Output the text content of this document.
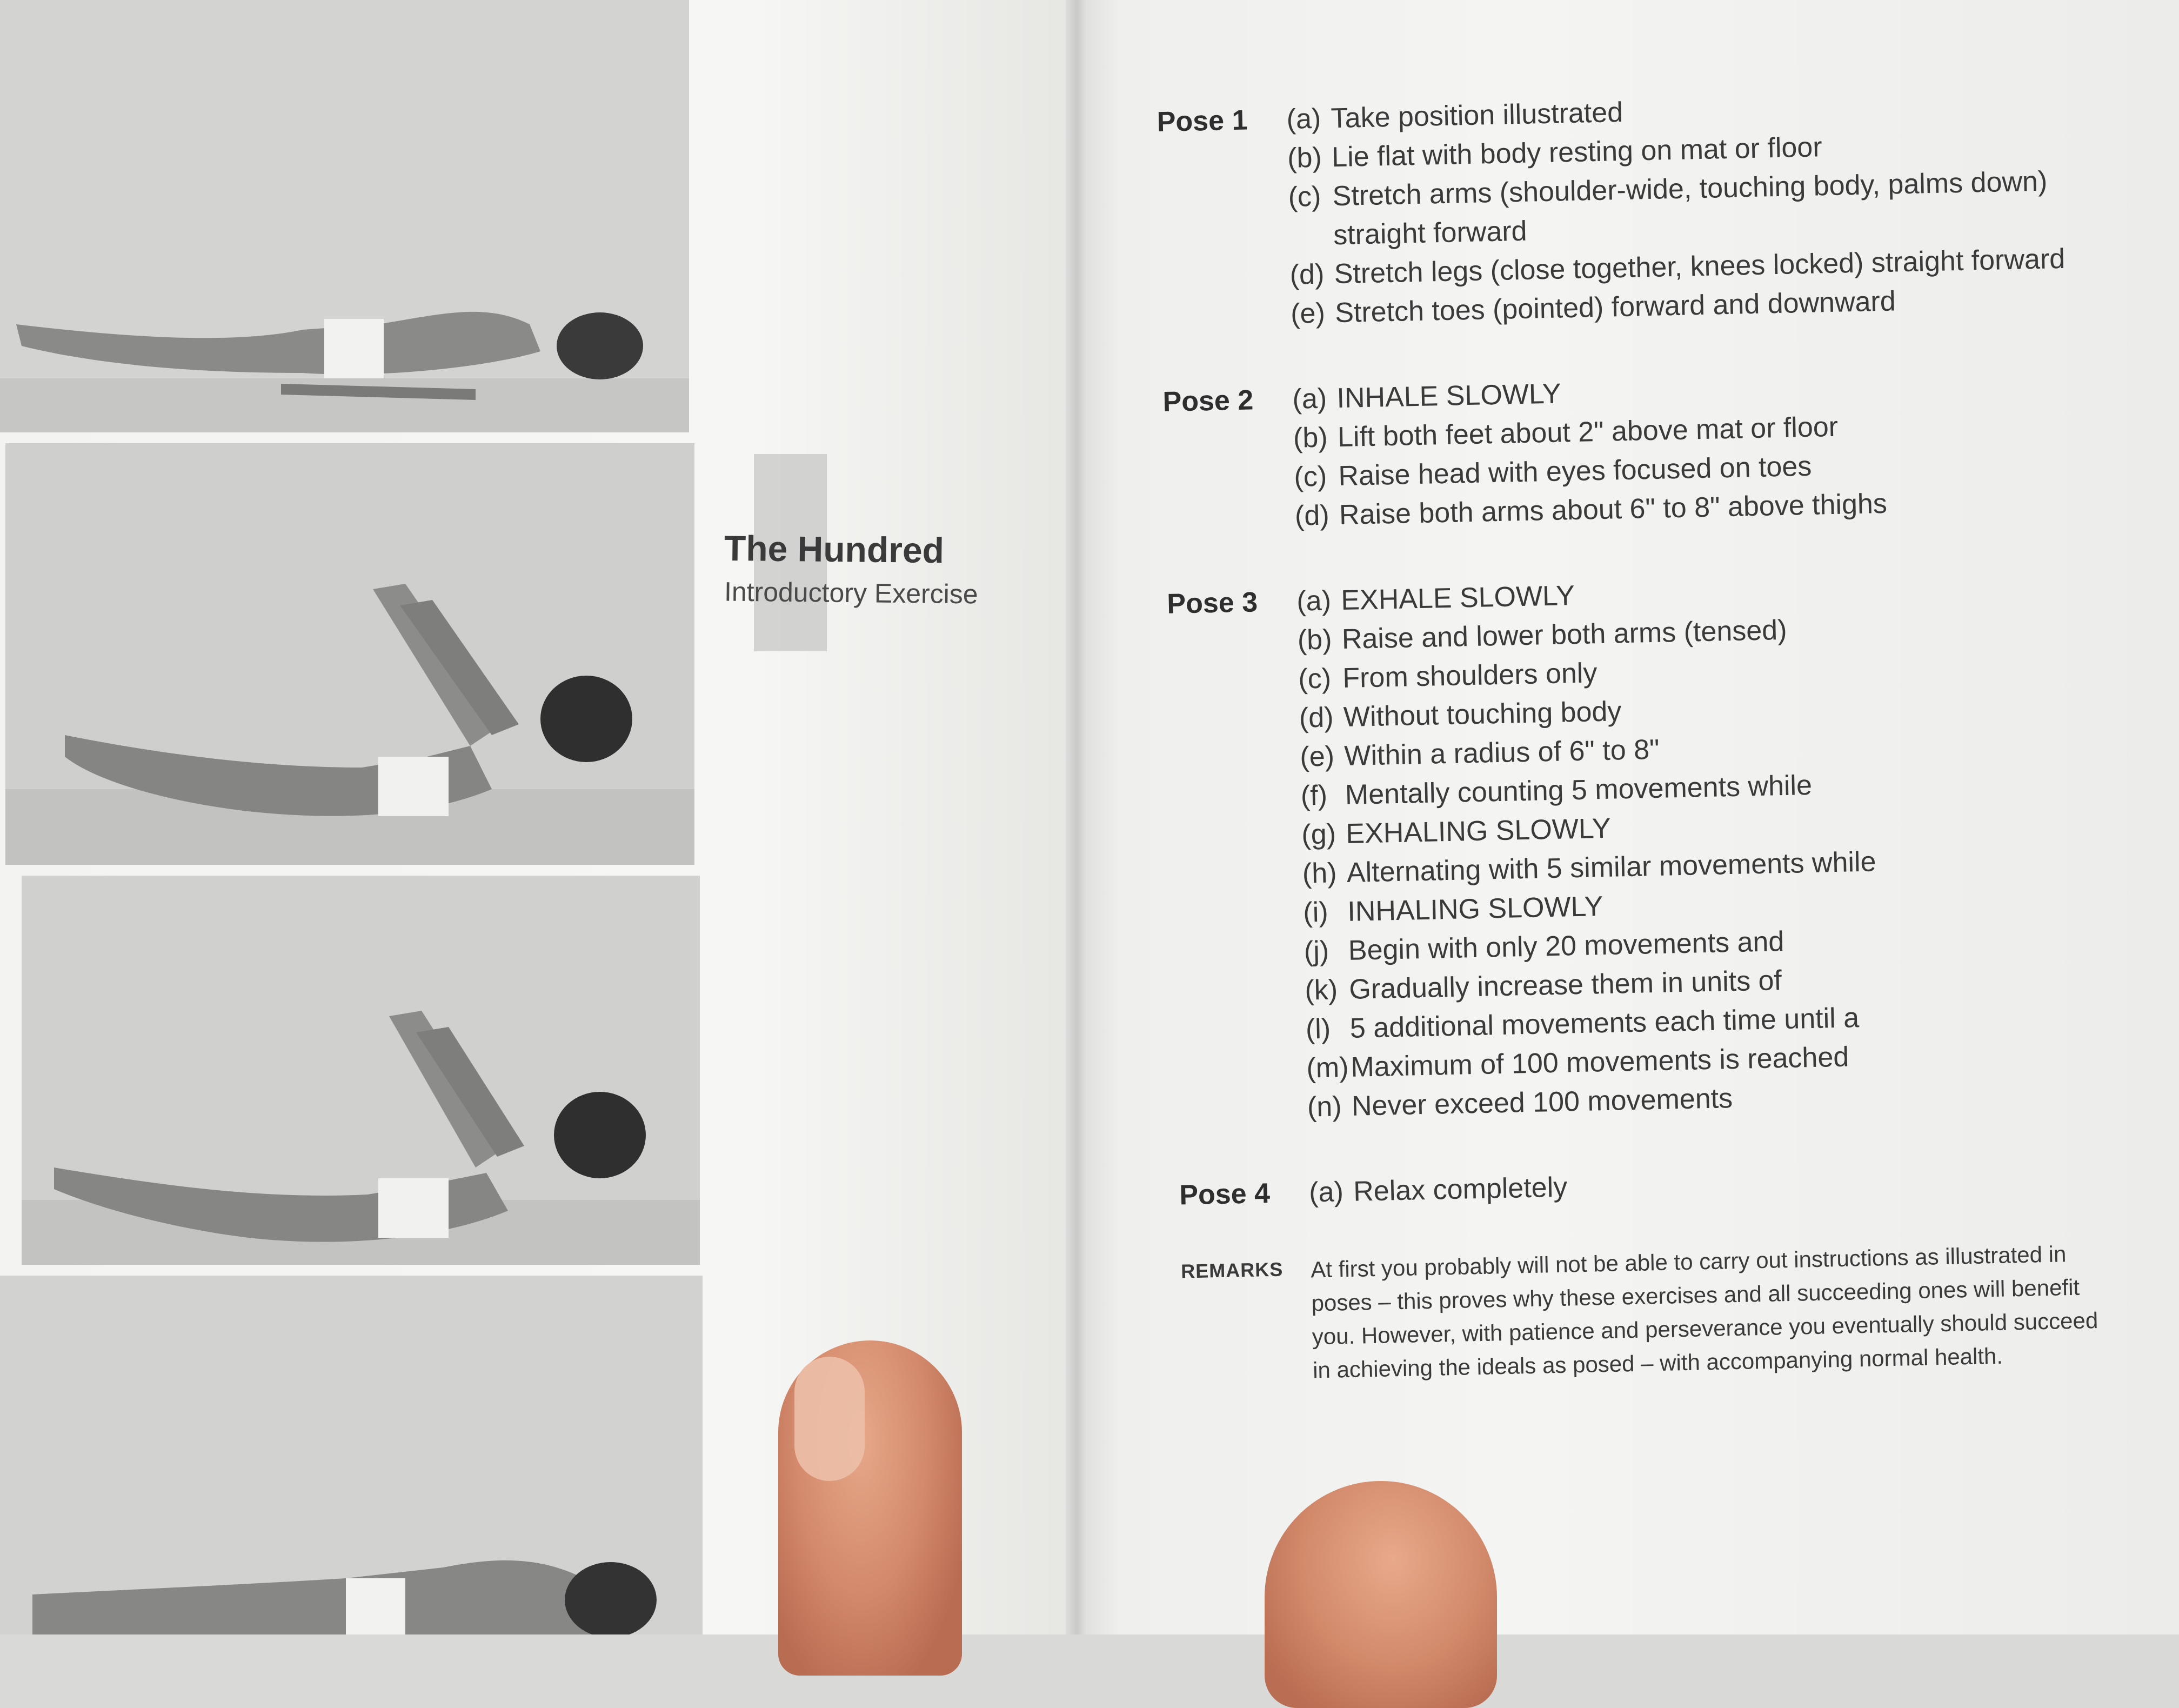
The Hundred
Introductory Exercise
Pose 1 (a) Take position illustrated
(b) Lie flat with body resting on mat or floor
(c) Stretch arms (shoulder-wide, touching body, palms down)
straight forward
(d) Stretch legs (close together, knees locked) straight forward
(e) Stretch toes (pointed) forward and downward
Pose 2 (a) INHALE SLOWLY
(b) Lift both feet about 2" above mat or floor
(c) Raise head with eyes focused on toes
(d) Raise both arms about 6" to 8" above thighs
Pose 3 (a) EXHALE SLOWLY
(b) Raise and lower both arms (tensed)
(c) From shoulders only
(d) Without touching body
(e) Within a radius of 6" to 8"
(f) Mentally counting 5 movements while
(g) EXHALING SLOWLY
(h) Alternating with 5 similar movements while
(i) INHALING SLOWLY
(j) Begin with only 20 movements and
(k) Gradually increase them in units of
(l) 5 additional movements each time until a
(m) Maximum of 100 movements is reached
(n) Never exceed 100 movements
Pose 4 (a) Relax completely
REMARKS At first you probably will not be able to carry out instructions as illustrated in poses – this proves why these exercises and all succeeding ones will benefit you. However, with patience and perseverance you eventually should succeed in achieving the ideals as posed – with accompanying normal health.
